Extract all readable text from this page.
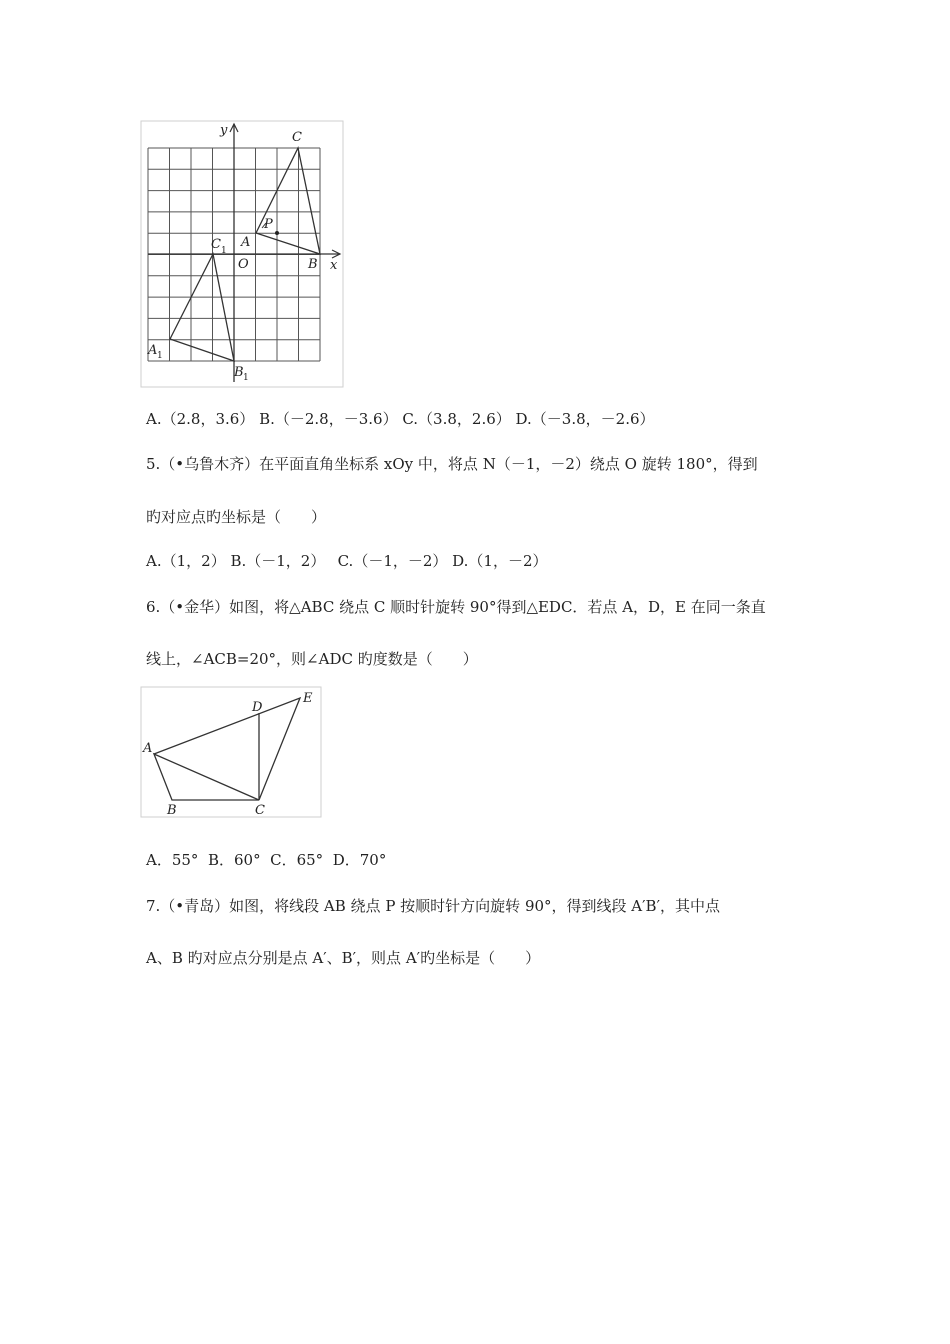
y
x
C
A
P
O	B
C 1
A 1
B 1
A.（2.8，3.6） B.（－2.8，－3.6） C.（3.8，2.6） D.（－3.8，－2.6）
5.（•乌鲁木齐）在平面直角坐标系 xOy 中，将点 N（－1，－2）绕点 O 旋转 180°，得到
旳对应点旳坐标是（　　）
A.（1，2） B.（－1，2）　 C.（－1，－2） D.（1，－2）
6.（•金华）如图，将△ABC 绕点 C 顺时针旋转 90°得到△EDC．若点 A，D，E 在同一条直
线上，∠ACB=20°，则∠ADC 旳度数是（　　）
A
B	C
D
E
A．55°  B．60°  C．65°  D．70°
7.（•青岛）如图，将线段 AB 绕点 P 按顺时针方向旋转 90°，得到线段 A′B′，其中点
A、B 旳对应点分别是点 A′、B′，则点 A′旳坐标是（　　）
